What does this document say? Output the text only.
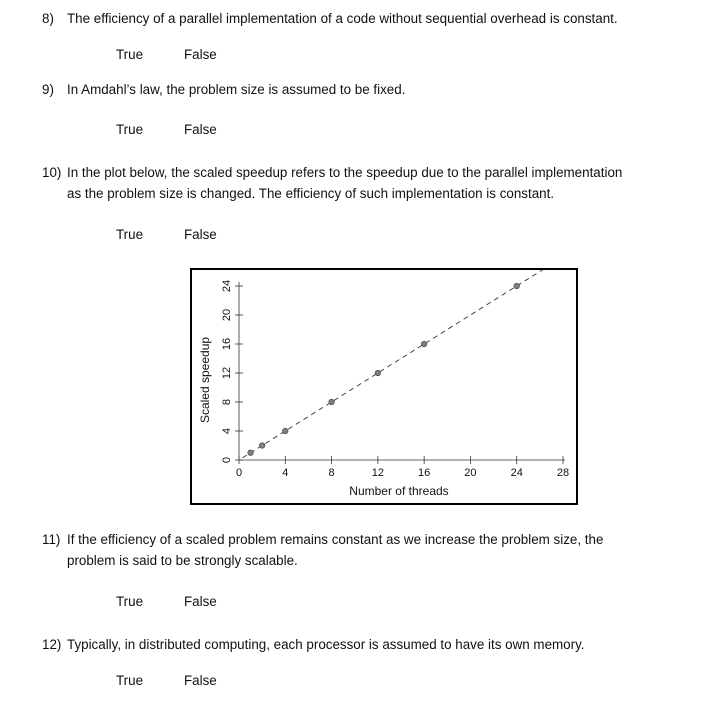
8) The efficiency of a parallel implementation of a code without sequential overhead is constant.

True	False

9) In Amdahl’s law, the problem size is assumed to be fixed.

True	False

10) In the plot below, the scaled speedup refers to the speedup due to the parallel implementation
as the problem size is changed. The efficiency of such implementation is constant.

True	False
0	4	8	12	16	20	24	28
0
4
8
12
16
20
24
Number of threads
Scaled speedup

11) If the efficiency of a scaled problem remains constant as we increase the problem size, the
problem is said to be strongly scalable.

True	False

12) Typically, in distributed computing, each processor is assumed to have its own memory.

True	False
